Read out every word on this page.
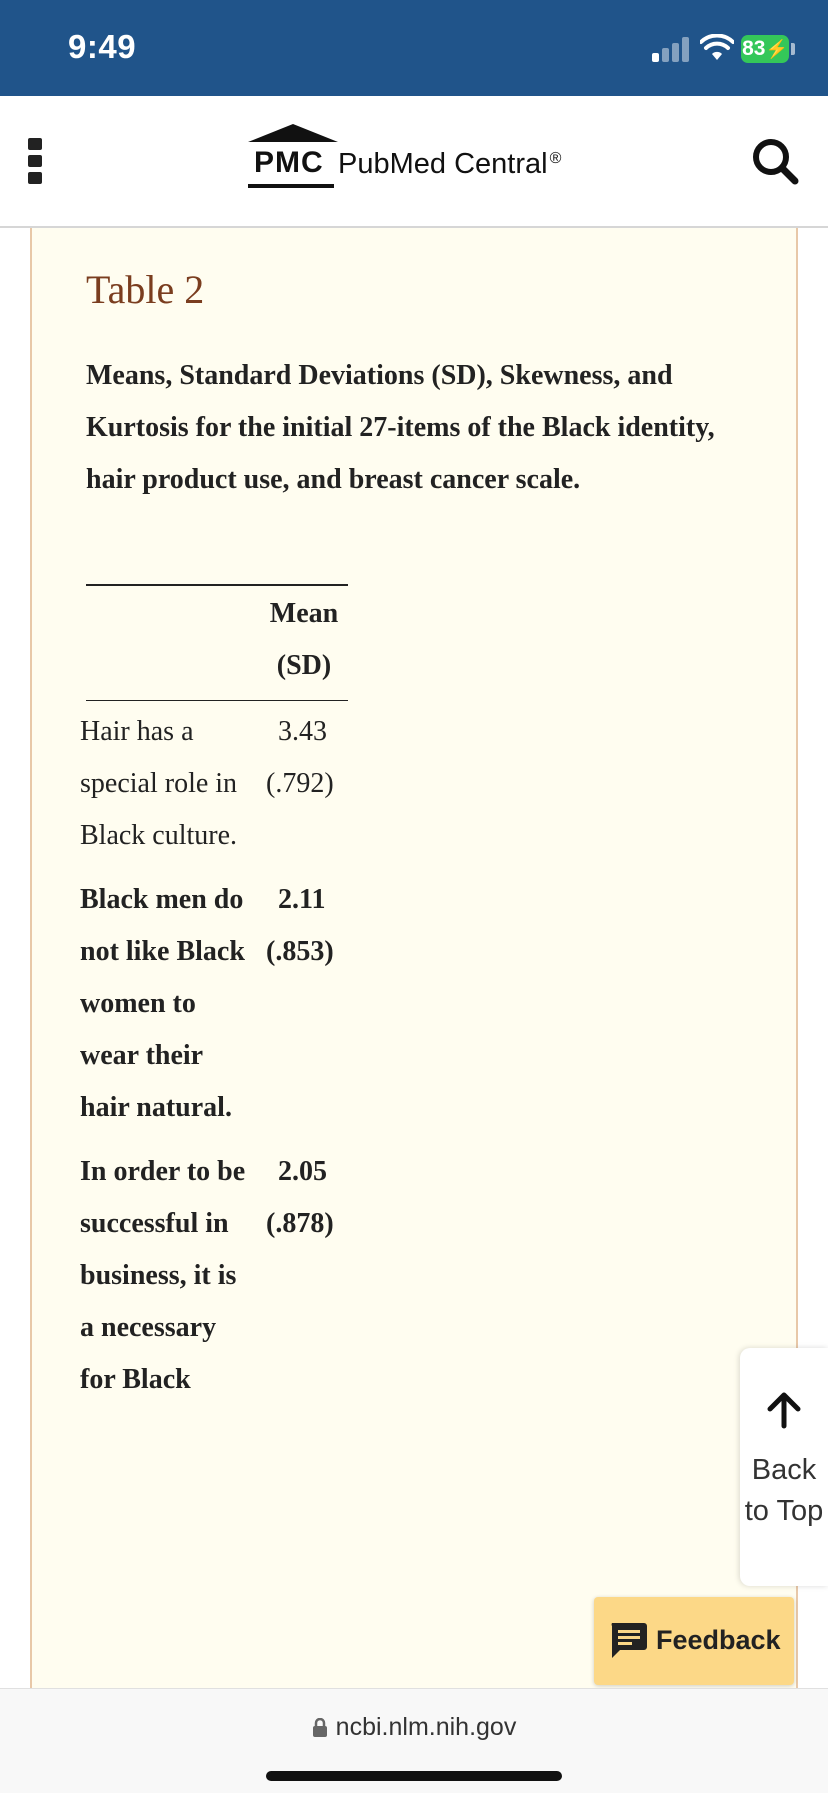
9:49	83⚡
PMC PubMed Central ®
Table 2
Means, Standard Deviations (SD), Skewness, and Kurtosis for the initial 27-items of the Black identity, hair product use, and breast cancer scale.
Mean (SD)
Hair has a special role in Black culture.
3.43
(.792)
Black men do not like Black women to wear their hair natural.
2.11
(.853)
In order to be successful in business, it is a necessary for Black
2.05
(.878)
Back to Top
Feedback
ncbi.nlm.nih.gov
